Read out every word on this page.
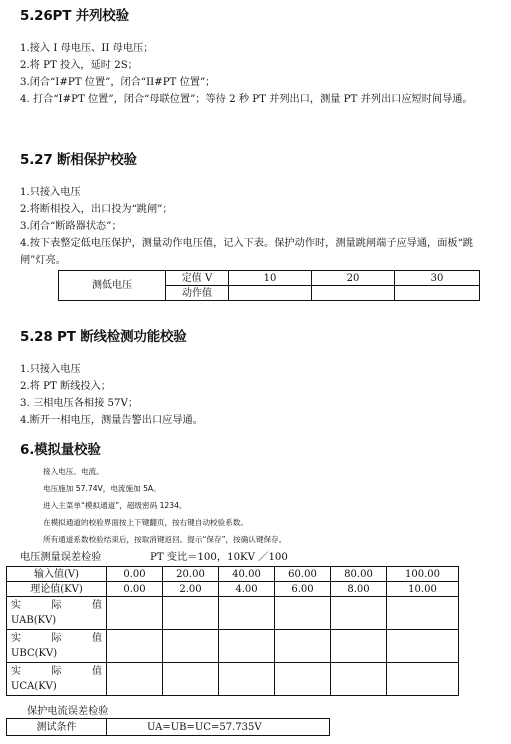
5.26PT 并列校验
1.接入 I 母电压、II 母电压；
2.将 PT 投入，延时 2S；
3.闭合“I#PT 位置”，闭合“II#PT 位置”；
4. 打合“I#PT 位置”，闭合“母联位置”；等待 2 秒 PT 并列出口，测量 PT 并列出口应短时间导通。
5.27 断相保护校验
1.只接入电压
2.将断相投入，出口投为“跳闸”；
3.闭合“断路器状态”；
4.按下表整定低电压保护，测量动作电压值，记入下表。保护动作时，测量跳闸端子应导通，面板“跳闸”灯亮。
测低电压	定值 V	10	20	30
	动作值			
5.28 PT 断线检测功能校验
1.只接入电压
2.将 PT 断线投入；
3. 三相电压各相接 57V；
4.断开一相电压，测量告警出口应导通。
6.模拟量校验
接入电压、电流。
电压施加 57.74V，电流施加 5A。
进入主菜单“模拟通道”，超级密码 1234。
在模拟通道的校验界面按上下键翻页，按右键自动校验系数。
所有通道系数校验结束后，按取消键返回。提示“保存”，按确认键保存。
电压测量误差检验	PT 变比＝100，10KV ／100
输入值(V)	0.00	20.00	40.00	60.00	80.00	100.00
理论值(KV)	0.00	2.00	4.00	6.00	8.00	10.00

实际值
UAB(KV)						

实际值
UBC(KV)						

实际值
UCA(KV)						

保护电流误差检验
测试条件	UA=UB=UC=57.735V
